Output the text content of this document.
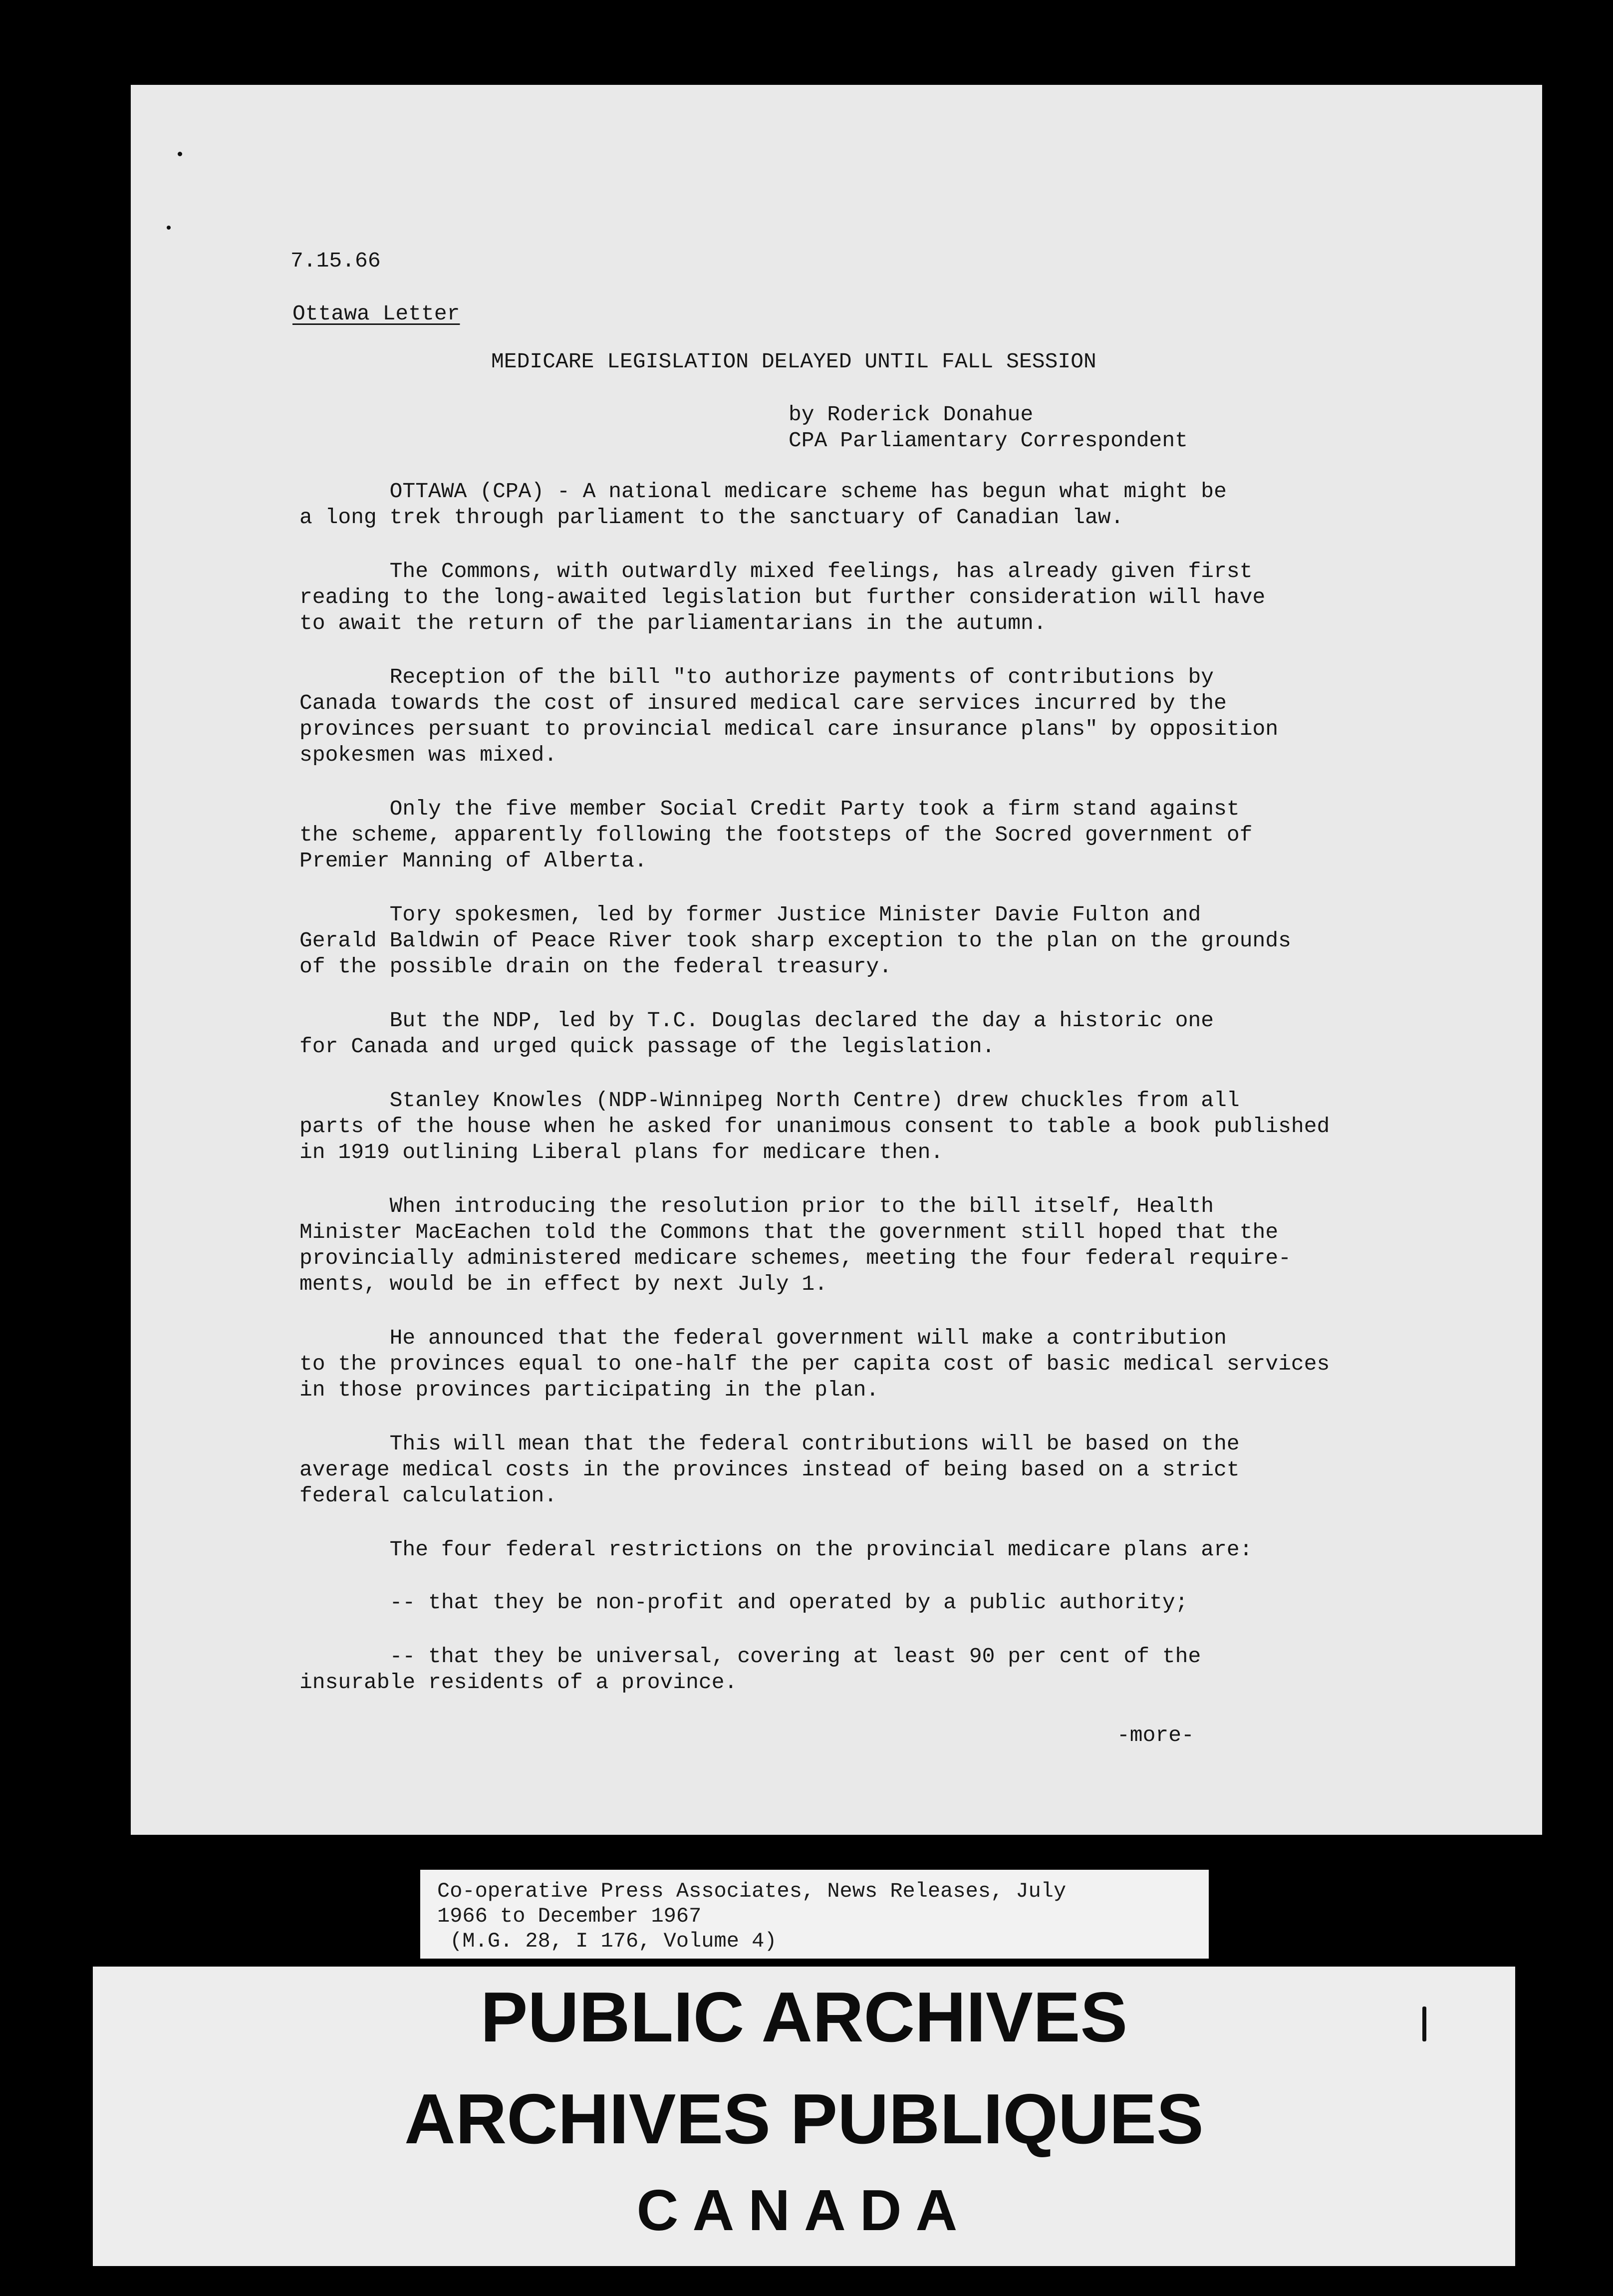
7.15.66
Ottawa Letter
MEDICARE LEGISLATION DELAYED UNTIL FALL SESSION
by Roderick Donahue
CPA Parliamentary Correspondent
OTTAWA (CPA) - A national medicare scheme has begun what might be
a long trek through parliament to the sanctuary of Canadian law.
The Commons, with outwardly mixed feelings, has already given first
reading to the long-awaited legislation but further consideration will have
to await the return of the parliamentarians in the autumn.
Reception of the bill "to authorize payments of contributions by
Canada towards the cost of insured medical care services incurred by the
provinces persuant to provincial medical care insurance plans" by opposition
spokesmen was mixed.
Only the five member Social Credit Party took a firm stand against
the scheme, apparently following the footsteps of the Socred government of
Premier Manning of Alberta.
Tory spokesmen, led by former Justice Minister Davie Fulton and
Gerald Baldwin of Peace River took sharp exception to the plan on the grounds
of the possible drain on the federal treasury.
But the NDP, led by T.C. Douglas declared the day a historic one
for Canada and urged quick passage of the legislation.
Stanley Knowles (NDP-Winnipeg North Centre) drew chuckles from all
parts of the house when he asked for unanimous consent to table a book published
in 1919 outlining Liberal plans for medicare then.
When introducing the resolution prior to the bill itself, Health
Minister MacEachen told the Commons that the government still hoped that the
provincially administered medicare schemes, meeting the four federal require-
ments, would be in effect by next July 1.
He announced that the federal government will make a contribution
to the provinces equal to one-half the per capita cost of basic medical services
in those provinces participating in the plan.
This will mean that the federal contributions will be based on the
average medical costs in the provinces instead of being based on a strict
federal calculation.
The four federal restrictions on the provincial medicare plans are:
-- that they be non-profit and operated by a public authority;
-- that they be universal, covering at least 90 per cent of the
insurable residents of a province.
-more-
Co-operative Press Associates, News Releases, July
1966 to December 1967
(M.G. 28, I 176, Volume 4)
PUBLIC ARCHIVES
ARCHIVES PUBLIQUES
CANADA
